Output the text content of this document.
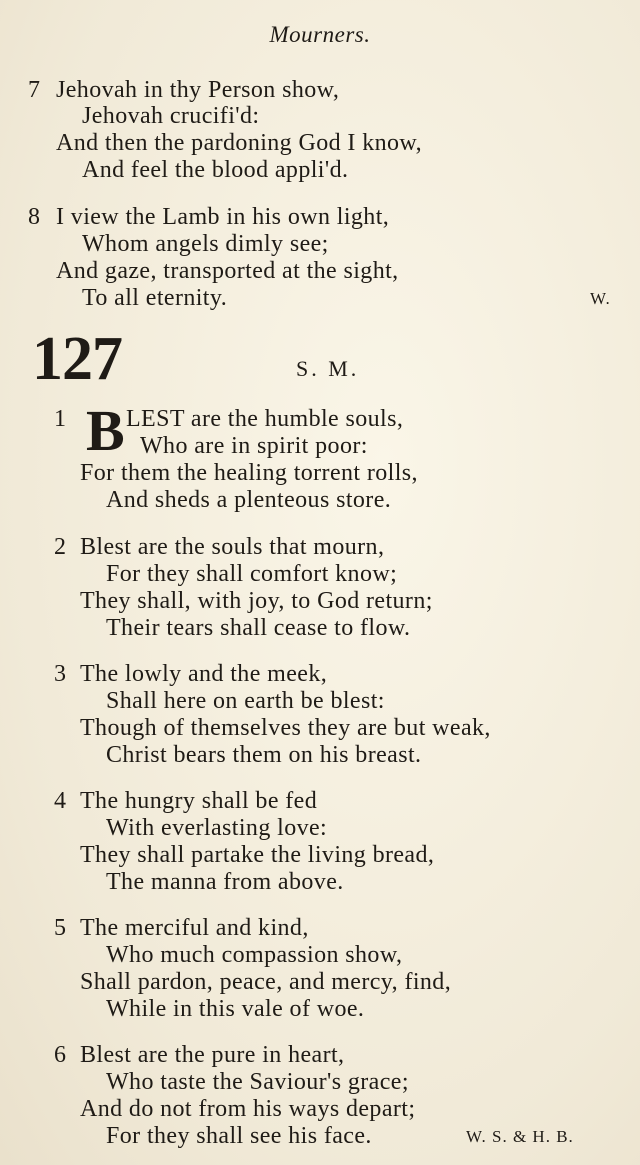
Mourners.
7 Jehovah in thy Person show,
Jehovah crucifi'd:
And then the pardoning God I know,
And feel the blood appli'd.
8 I view the Lamb in his own light,
Whom angels dimly see;
And gaze, transported at the sight,
To all eternity.	W.
127	S. M.
1 B LEST are the humble souls,
Who are in spirit poor:
For them the healing torrent rolls,
And sheds a plenteous store.
2 Blest are the souls that mourn,
For they shall comfort know;
They shall, with joy, to God return;
Their tears shall cease to flow.
3 The lowly and the meek,
Shall here on earth be blest:
Though of themselves they are but weak,
Christ bears them on his breast.
4 The hungry shall be fed
With everlasting love:
They shall partake the living bread,
The manna from above.
5 The merciful and kind,
Who much compassion show,
Shall pardon, peace, and mercy, find,
While in this vale of woe.
6 Blest are the pure in heart,
Who taste the Saviour's grace;
And do not from his ways depart;
For they shall see his face.	W. S. & H. B.
